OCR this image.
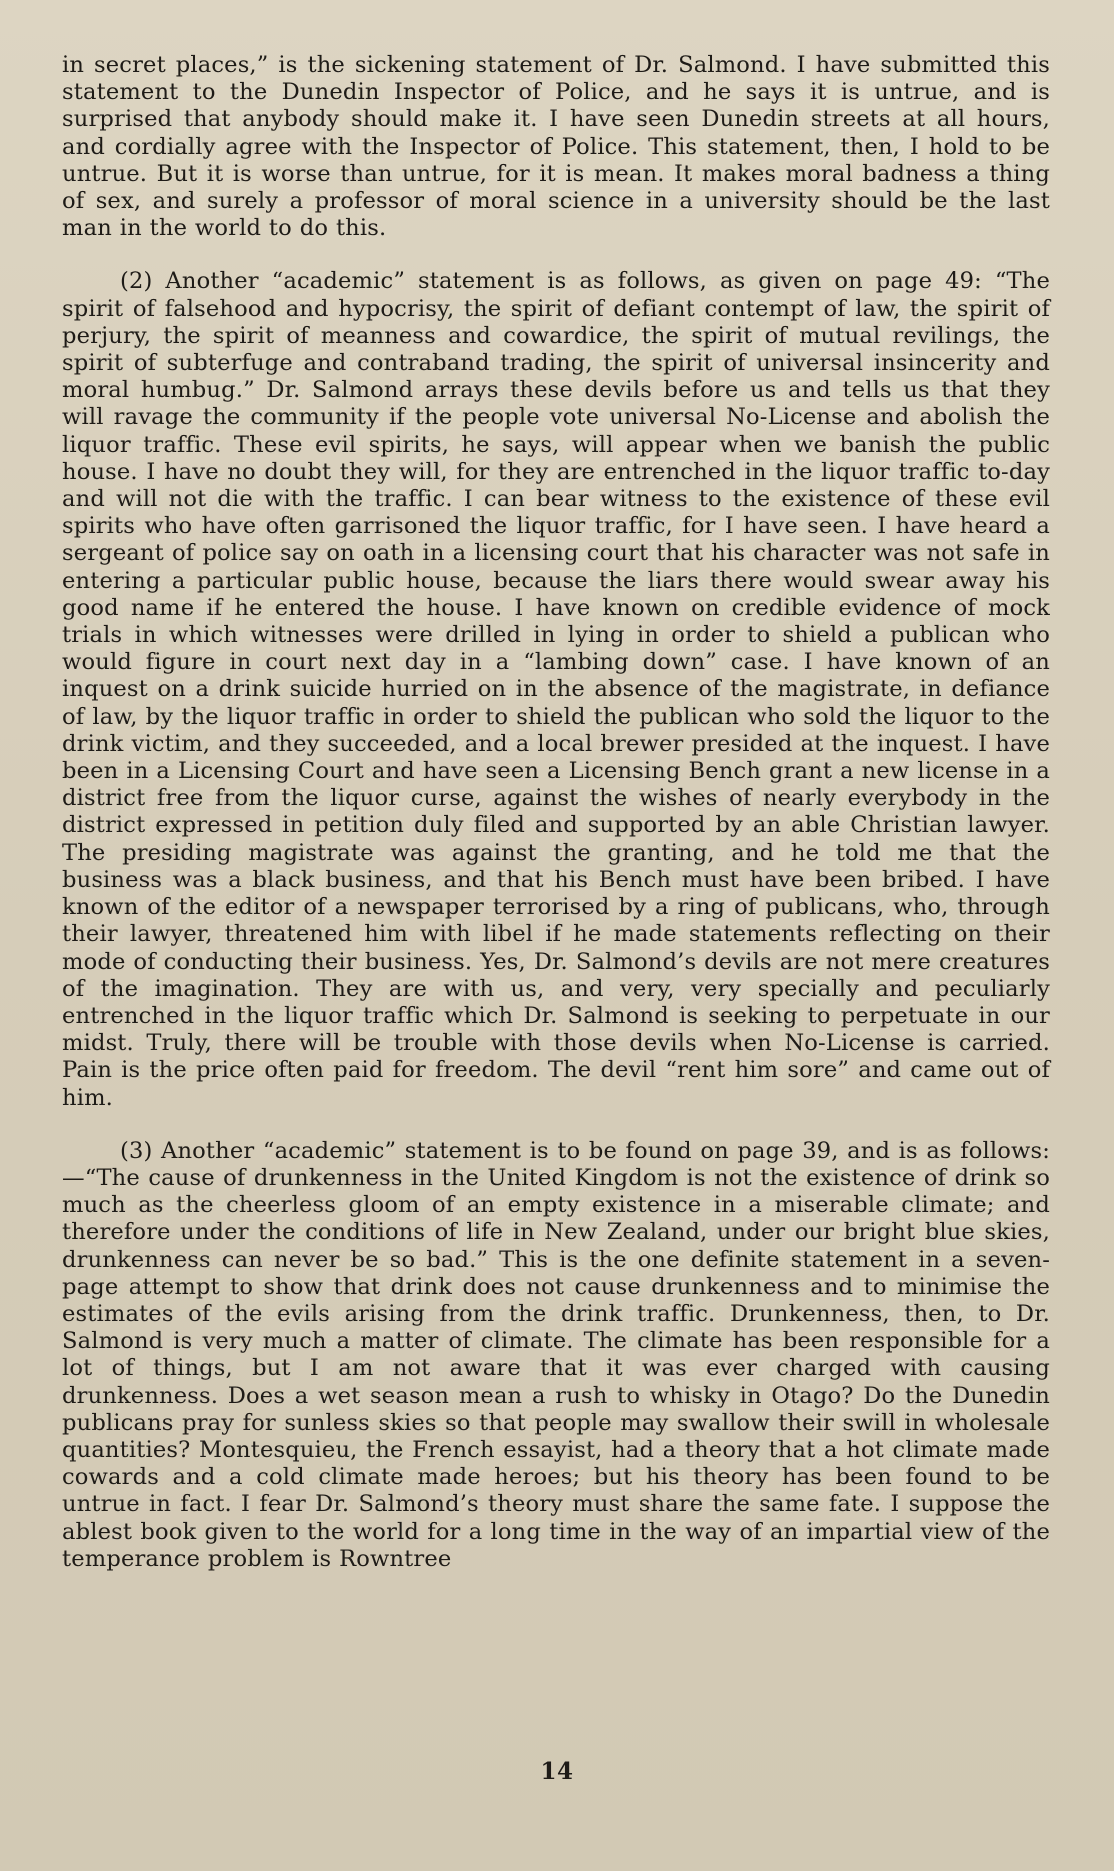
in secret places,” is the sickening statement of Dr. Salmond. I have submitted this statement to the Dunedin Inspector of Police, and he says it is untrue, and is surprised that anybody should make it. I have seen Dunedin streets at all hours, and cordially agree with the Inspector of Police. This statement, then, I hold to be untrue. But it is worse than untrue, for it is mean. It makes moral badness a thing of sex, and surely a professor of moral science in a university should be the last man in the world to do this.

(2) Another “academic” statement is as follows, as given on page 49: “The spirit of falsehood and hypocrisy, the spirit of defiant contempt of law, the spirit of perjury, the spirit of meanness and cowardice, the spirit of mutual revilings, the spirit of subterfuge and contraband trading, the spirit of universal insincerity and moral humbug.” Dr. Salmond arrays these devils before us and tells us that they will ravage the community if the people vote universal No-License and abolish the liquor traffic. These evil spirits, he says, will appear when we banish the public house. I have no doubt they will, for they are entrenched in the liquor traffic to-day and will not die with the traffic. I can bear witness to the existence of these evil spirits who have often garrisoned the liquor traffic, for I have seen. I have heard a sergeant of police say on oath in a licensing court that his character was not safe in entering a particular public house, because the liars there would swear away his good name if he entered the house. I have known on credible evidence of mock trials in which witnesses were drilled in lying in order to shield a publican who would figure in court next day in a “lambing down” case. I have known of an inquest on a drink suicide hurried on in the absence of the magistrate, in defiance of law, by the liquor traffic in order to shield the publican who sold the liquor to the drink victim, and they succeeded, and a local brewer presided at the inquest. I have been in a Licensing Court and have seen a Licensing Bench grant a new license in a district free from the liquor curse, against the wishes of nearly everybody in the district expressed in petition duly filed and supported by an able Christian lawyer. The presiding magistrate was against the granting, and he told me that the business was a black business, and that his Bench must have been bribed. I have known of the editor of a newspaper terrorised by a ring of publicans, who, through their lawyer, threatened him with libel if he made statements reflecting on their mode of conducting their business. Yes, Dr. Salmond’s devils are not mere creatures of the imagination. They are with us, and very, very specially and peculiarly entrenched in the liquor traffic which Dr. Salmond is seeking to perpetuate in our midst. Truly, there will be trouble with those devils when No-License is carried. Pain is the price often paid for freedom. The devil “rent him sore” and came out of him.

(3) Another “academic” statement is to be found on page 39, and is as follows:—“The cause of drunkenness in the United Kingdom is not the existence of drink so much as the cheerless gloom of an empty existence in a miserable climate; and therefore under the conditions of life in New Zealand, under our bright blue skies, drunkenness can never be so bad.” This is the one definite statement in a seven-page attempt to show that drink does not cause drunkenness and to minimise the estimates of the evils arising from the drink traffic. Drunkenness, then, to Dr. Salmond is very much a matter of climate. The climate has been responsible for a lot of things, but I am not aware that it was ever charged with causing drunkenness. Does a wet season mean a rush to whisky in Otago? Do the Dunedin publicans pray for sunless skies so that people may swallow their swill in wholesale quantities? Montesquieu, the French essayist, had a theory that a hot climate made cowards and a cold climate made heroes; but his theory has been found to be untrue in fact. I fear Dr. Salmond’s theory must share the same fate. I suppose the ablest book given to the world for a long time in the way of an impartial view of the temperance problem is Rowntree

14
